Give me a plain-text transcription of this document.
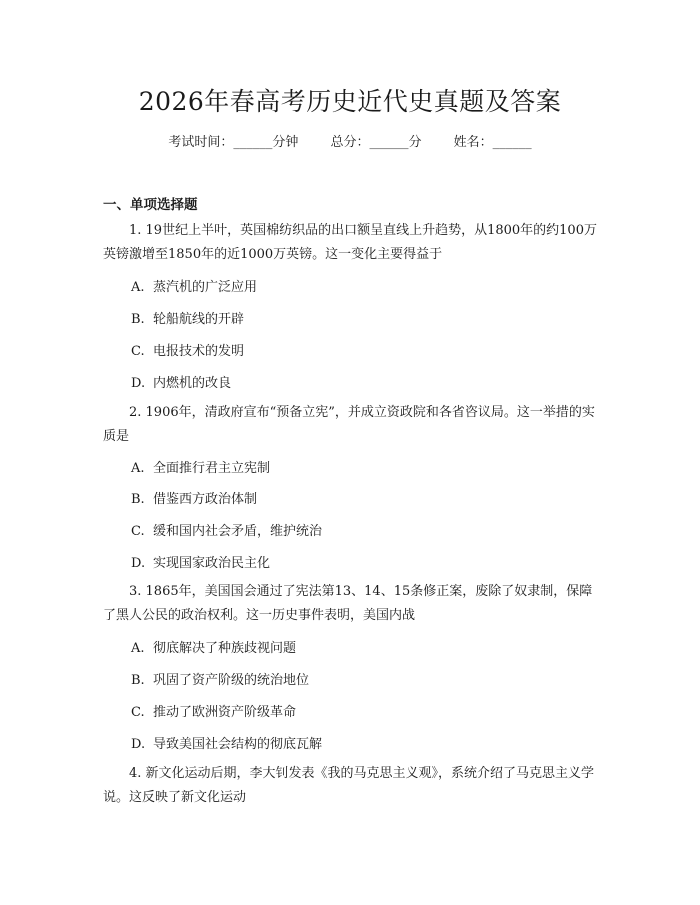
2026年春高考历史近代史真题及答案
考试时间：______分钟 总分：______分 姓名：______
一、单项选择题
1. 19世纪上半叶，英国棉纺织品的出口额呈直线上升趋势，从1800年的约100万英镑激增至1850年的近1000万英镑。这一变化主要得益于
A. 蒸汽机的广泛应用
B. 轮船航线的开辟
C. 电报技术的发明
D. 内燃机的改良
2. 1906年，清政府宣布“预备立宪”，并成立资政院和各省咨议局。这一举措的实质是
A. 全面推行君主立宪制
B. 借鉴西方政治体制
C. 缓和国内社会矛盾，维护统治
D. 实现国家政治民主化
3. 1865年，美国国会通过了宪法第13、14、15条修正案，废除了奴隶制，保障了黑人公民的政治权利。这一历史事件表明，美国内战
A. 彻底解决了种族歧视问题
B. 巩固了资产阶级的统治地位
C. 推动了欧洲资产阶级革命
D. 导致美国社会结构的彻底瓦解
4. 新文化运动后期，李大钊发表《我的马克思主义观》，系统介绍了马克思主义学说。这反映了新文化运动
